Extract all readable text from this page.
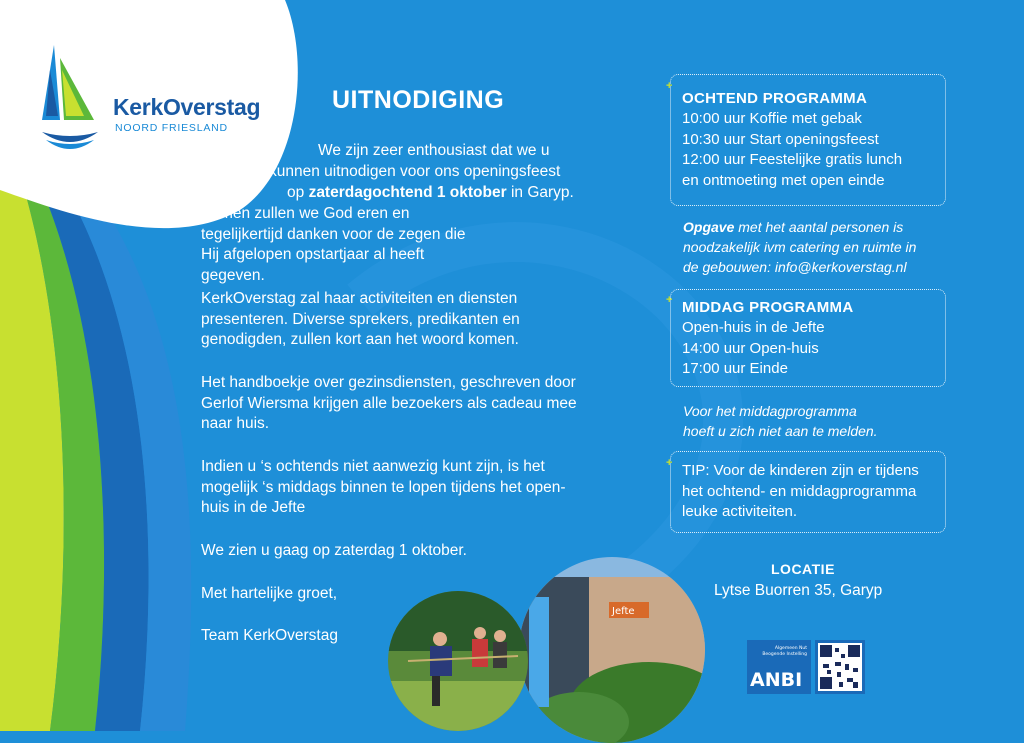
KerkOverstag
NOORD FRIESLAND
UITNODIGING
We zijn zeer enthousiast dat we u
kunnen uitnodigen voor ons openingsfeest
op zaterdagochtend 1 oktober in Garyp.
Samen zullen we God eren en tegelijkertijd danken voor de zegen die Hij afgelopen opstartjaar al heeft gegeven.
KerkOverstag zal haar activiteiten en diensten presenteren. Diverse sprekers, predikanten en genodigden, zullen kort aan het woord komen.
Het handboekje over gezinsdiensten, geschreven door Gerlof Wiersma krijgen alle bezoekers als cadeau mee naar huis.
Indien u ‘s ochtends niet aanwezig kunt zijn, is het mogelijk ‘s middags binnen te lopen tijdens het open-huis in de Jefte
We zien u gaag op zaterdag 1 oktober.
Met hartelijke groet,
Team KerkOverstag
+
OCHTEND PROGRAMMA
10:00 uur Koffie met gebak
10:30 uur Start openingsfeest
12:00 uur Feestelijke gratis lunch
en ontmoeting met open einde
Opgave met het aantal personen is
noodzakelijk ivm catering en ruimte in
de gebouwen: info@kerkoverstag.nl
+ MIDDAG PROGRAMMA
Open-huis in de Jefte
14:00 uur Open-huis
17:00 uur Einde
Voor het middagprogramma
hoeft u zich niet aan te melden.
+ TIP: Voor de kinderen zijn er tijdens
het ochtend- en middagprogramma
leuke activiteiten.
LOCATIE
Lytse Buorren 35, Garyp
Jefte
Algemeen Nut
Beogende Instelling
ANBI
